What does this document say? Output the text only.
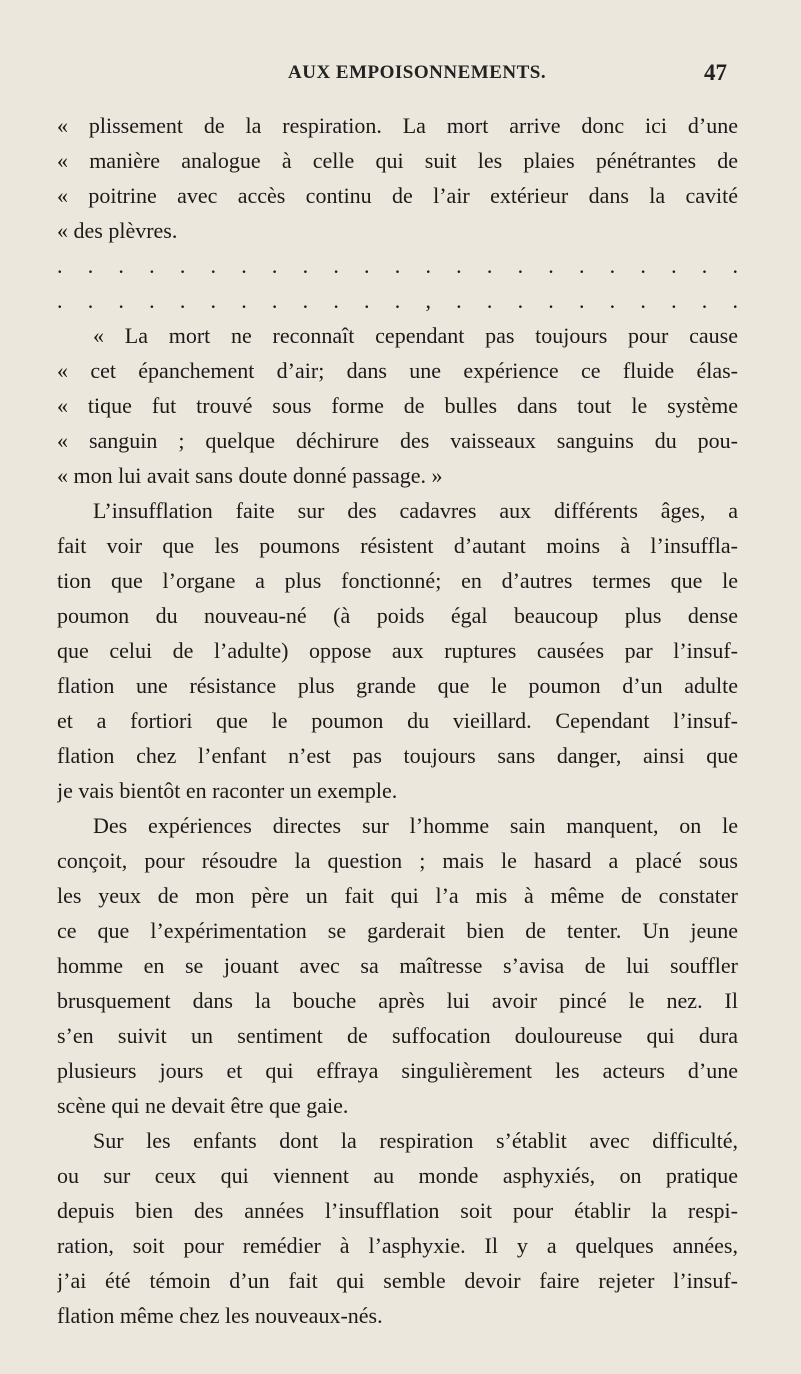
AUX EMPOISONNEMENTS.	47
« plissement de la respiration. La mort arrive donc ici d’une
« manière analogue à celle qui suit les plaies pénétrantes de
« poitrine avec accès continu de l’air extérieur dans la cavité
« des plèvres.
. . . . . . . . . . . . . . . . . . . . . . .
. . . . . . . . . . . . , . . . . . . . . . .
« La mort ne reconnaît cependant pas toujours pour cause
« cet épanchement d’air; dans une expérience ce fluide élas-
« tique fut trouvé sous forme de bulles dans tout le système
« sanguin ; quelque déchirure des vaisseaux sanguins du pou-
« mon lui avait sans doute donné passage. »
L’insufflation faite sur des cadavres aux différents âges, a
fait voir que les poumons résistent d’autant moins à l’insuffla-
tion que l’organe a plus fonctionné; en d’autres termes que le
poumon du nouveau-né (à poids égal beaucoup plus dense
que celui de l’adulte) oppose aux ruptures causées par l’insuf-
flation une résistance plus grande que le poumon d’un adulte
et a fortiori que le poumon du vieillard. Cependant l’insuf-
flation chez l’enfant n’est pas toujours sans danger, ainsi que
je vais bientôt en raconter un exemple.
Des expériences directes sur l’homme sain manquent, on le
conçoit, pour résoudre la question ; mais le hasard a placé sous
les yeux de mon père un fait qui l’a mis à même de constater
ce que l’expérimentation se garderait bien de tenter. Un jeune
homme en se jouant avec sa maîtresse s’avisa de lui souffler
brusquement dans la bouche après lui avoir pincé le nez. Il
s’en suivit un sentiment de suffocation douloureuse qui dura
plusieurs jours et qui effraya singulièrement les acteurs d’une
scène qui ne devait être que gaie.
Sur les enfants dont la respiration s’établit avec difficulté,
ou sur ceux qui viennent au monde asphyxiés, on pratique
depuis bien des années l’insufflation soit pour établir la respi-
ration, soit pour remédier à l’asphyxie. Il y a quelques années,
j’ai été témoin d’un fait qui semble devoir faire rejeter l’insuf-
flation même chez les nouveaux-nés.
